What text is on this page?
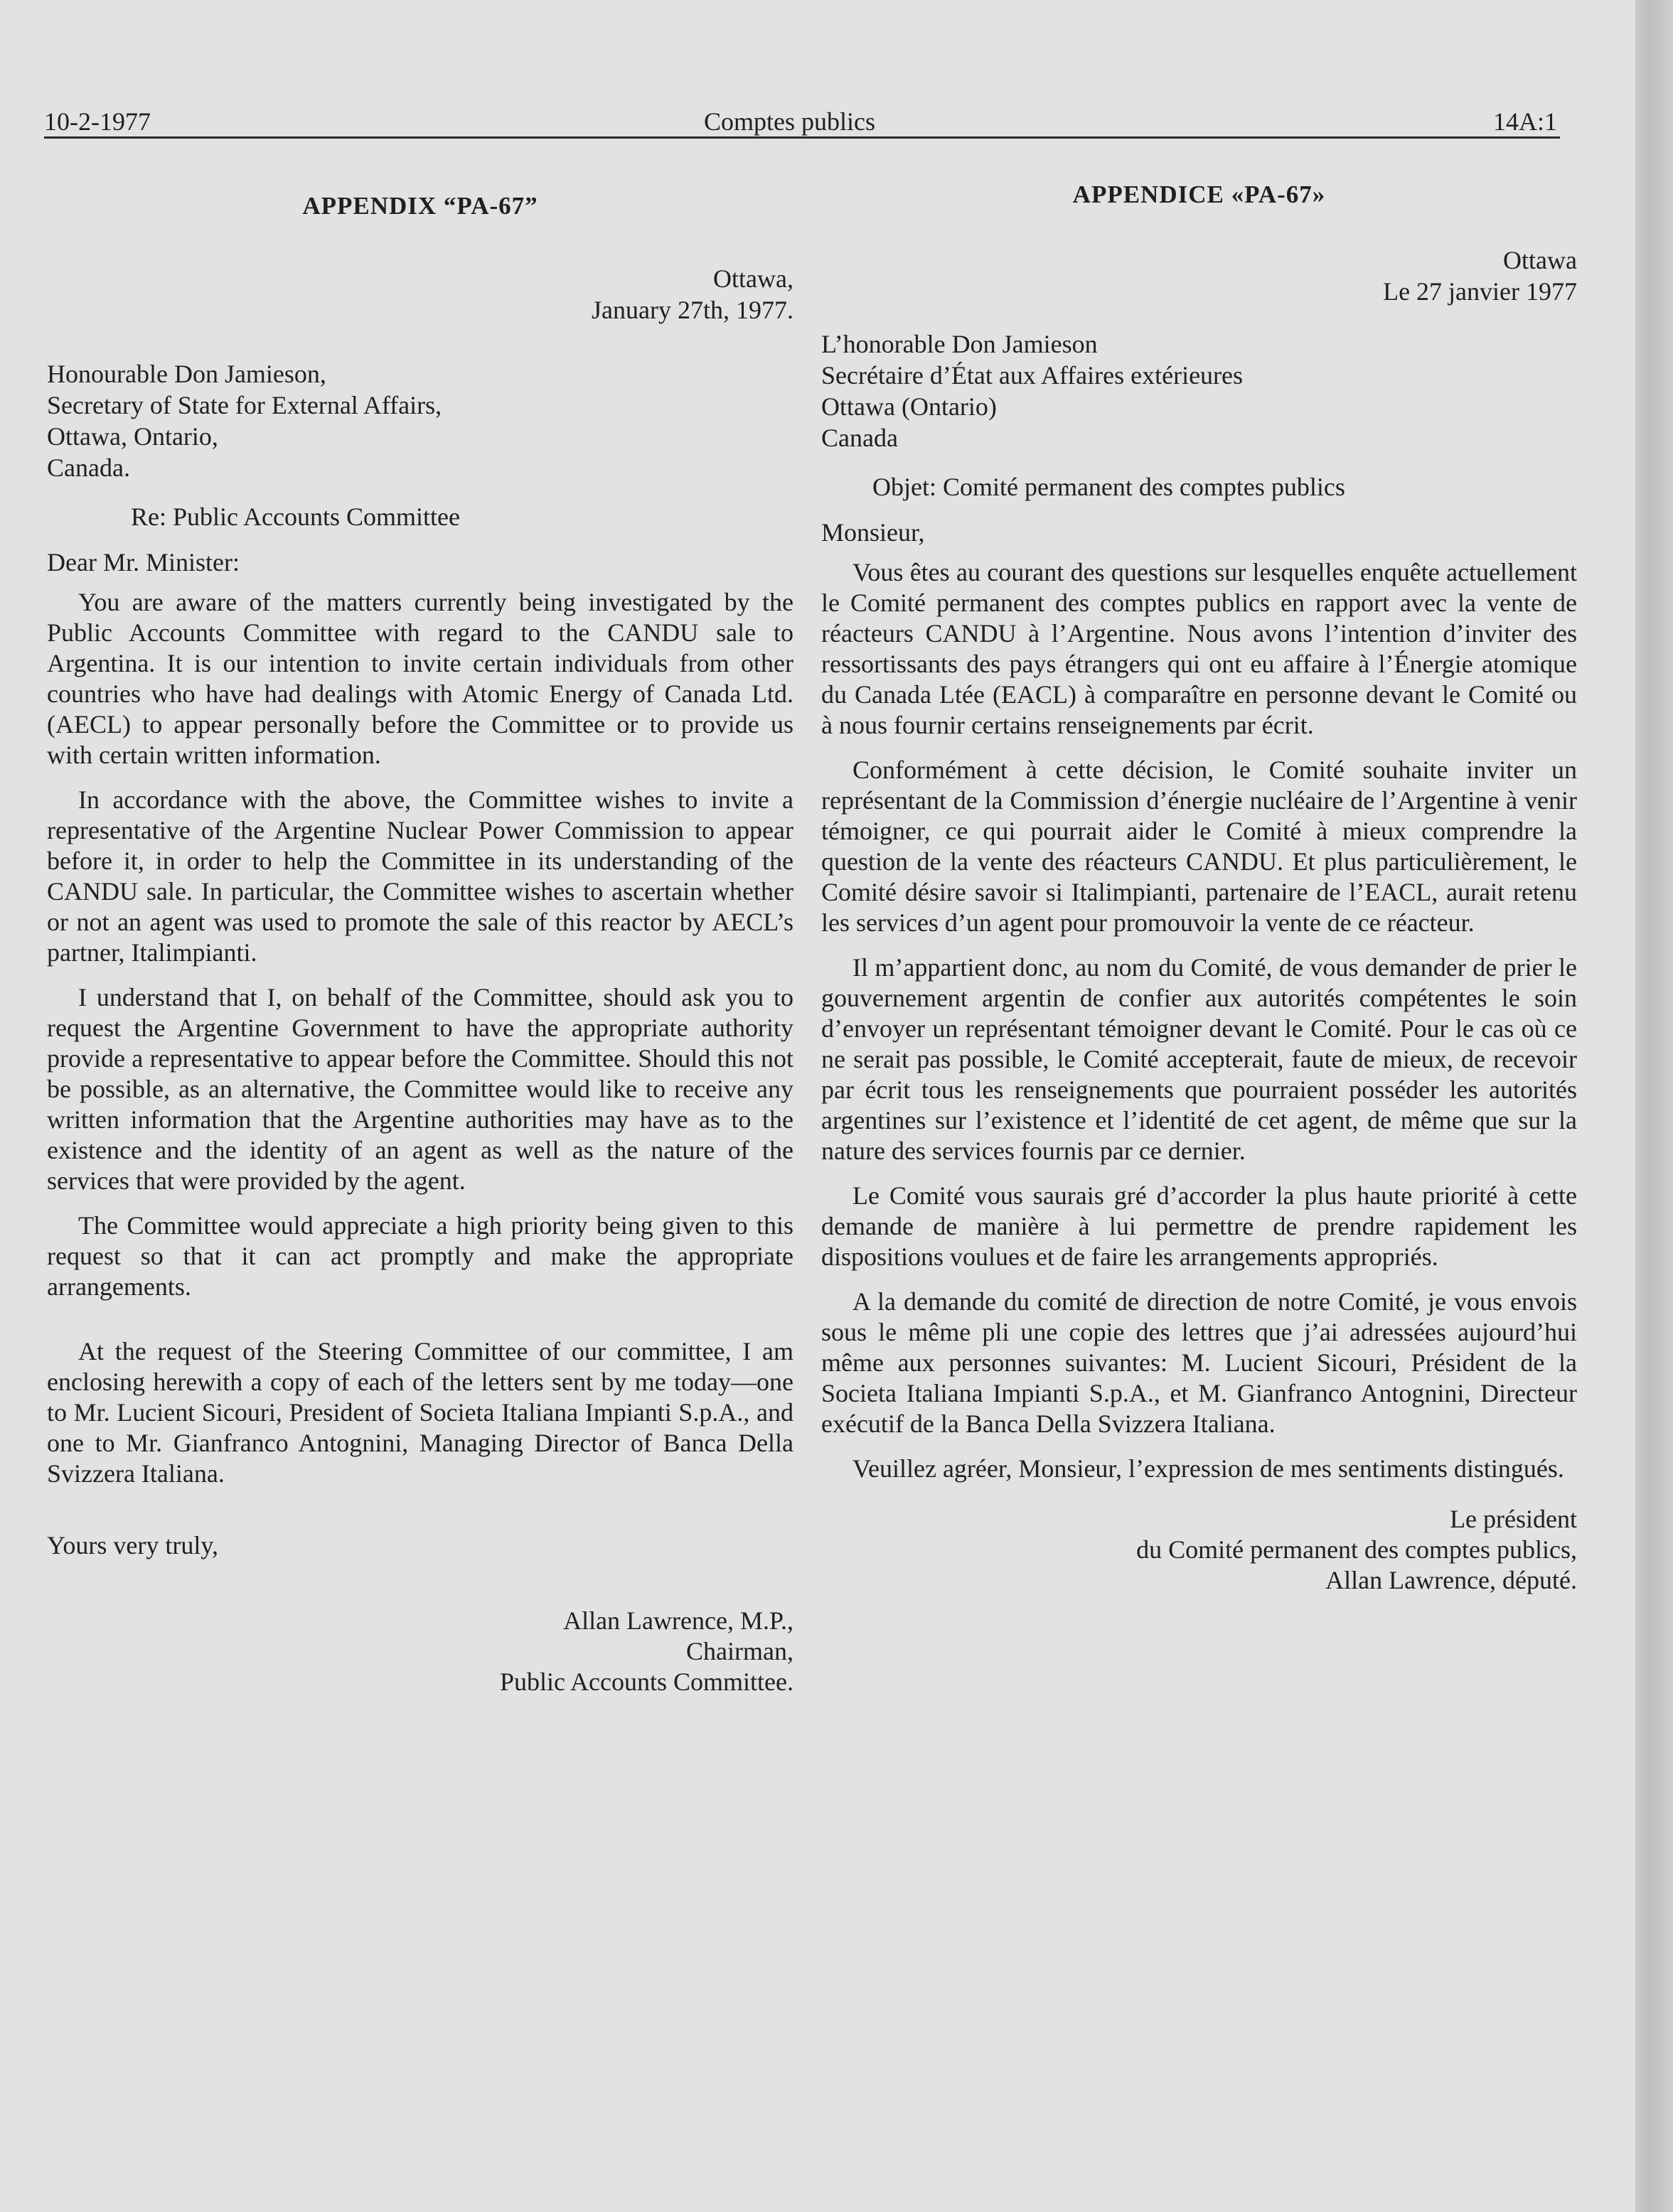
10-2-1977	Comptes publics	14A:1
APPENDIX “PA-67”
Ottawa,
January 27th, 1977.
Honourable Don Jamieson,
Secretary of State for External Affairs,
Ottawa, Ontario,
Canada.
Re: Public Accounts Committee
Dear Mr. Minister:

You are aware of the matters currently being investigated by the Public Accounts Committee with regard to the CANDU sale to Argentina. It is our intention to invite certain individuals from other countries who have had dealings with Atomic Energy of Canada Ltd. (AECL) to appear personally before the Committee or to provide us with certain written information.

In accordance with the above, the Committee wishes to invite a representative of the Argentine Nuclear Power Commission to appear before it, in order to help the Committee in its understanding of the CANDU sale. In particular, the Committee wishes to ascertain whether or not an agent was used to promote the sale of this reactor by AECL’s partner, Italimpianti.

I understand that I, on behalf of the Committee, should ask you to request the Argentine Government to have the appropriate authority provide a representative to appear before the Committee. Should this not be possible, as an alternative, the Committee would like to receive any written information that the Argentine authorities may have as to the existence and the identity of an agent as well as the nature of the services that were provided by the agent.

The Committee would appreciate a high priority being given to this request so that it can act promptly and make the appropriate arrangements.

At the request of the Steering Committee of our committee, I am enclosing herewith a copy of each of the letters sent by me today—one to Mr. Lucient Sicouri, President of Societa Italiana Impianti S.p.A., and one to Mr. Gianfranco Antognini, Managing Director of Banca Della Svizzera Italiana.

Yours very truly,
Allan Lawrence, M.P.,
Chairman,
Public Accounts Committee.
APPENDICE «PA-67»
Ottawa
Le 27 janvier 1977
L’honorable Don Jamieson
Secrétaire d’État aux Affaires extérieures
Ottawa (Ontario)
Canada
Objet: Comité permanent des comptes publics
Monsieur,

Vous êtes au courant des questions sur lesquelles enquête actuellement le Comité permanent des comptes publics en rapport avec la vente de réacteurs CANDU à l’Argentine. Nous avons l’intention d’inviter des ressortissants des pays étrangers qui ont eu affaire à l’Énergie atomique du Canada Ltée (EACL) à comparaître en personne devant le Comité ou à nous fournir certains renseignements par écrit.

Conformément à cette décision, le Comité souhaite inviter un représentant de la Commission d’énergie nucléaire de l’Argentine à venir témoigner, ce qui pourrait aider le Comité à mieux comprendre la question de la vente des réacteurs CANDU. Et plus particulièrement, le Comité désire savoir si Italimpianti, partenaire de l’EACL, aurait retenu les services d’un agent pour promouvoir la vente de ce réacteur.

Il m’appartient donc, au nom du Comité, de vous demander de prier le gouvernement argentin de confier aux autorités compétentes le soin d’envoyer un représentant témoigner devant le Comité. Pour le cas où ce ne serait pas possible, le Comité accepterait, faute de mieux, de recevoir par écrit tous les renseignements que pourraient posséder les autorités argentines sur l’existence et l’identité de cet agent, de même que sur la nature des services fournis par ce dernier.

Le Comité vous saurais gré d’accorder la plus haute priorité à cette demande de manière à lui permettre de prendre rapidement les dispositions voulues et de faire les arrangements appropriés.

A la demande du comité de direction de notre Comité, je vous envois sous le même pli une copie des lettres que j’ai adressées aujourd’hui même aux personnes suivantes: M. Lucient Sicouri, Président de la Societa Italiana Impianti S.p.A., et M. Gianfranco Antognini, Directeur exécutif de la Banca Della Svizzera Italiana.

Veuillez agréer, Monsieur, l’expression de mes sentiments distingués.
Le président
du Comité permanent des comptes publics,
Allan Lawrence, député.
